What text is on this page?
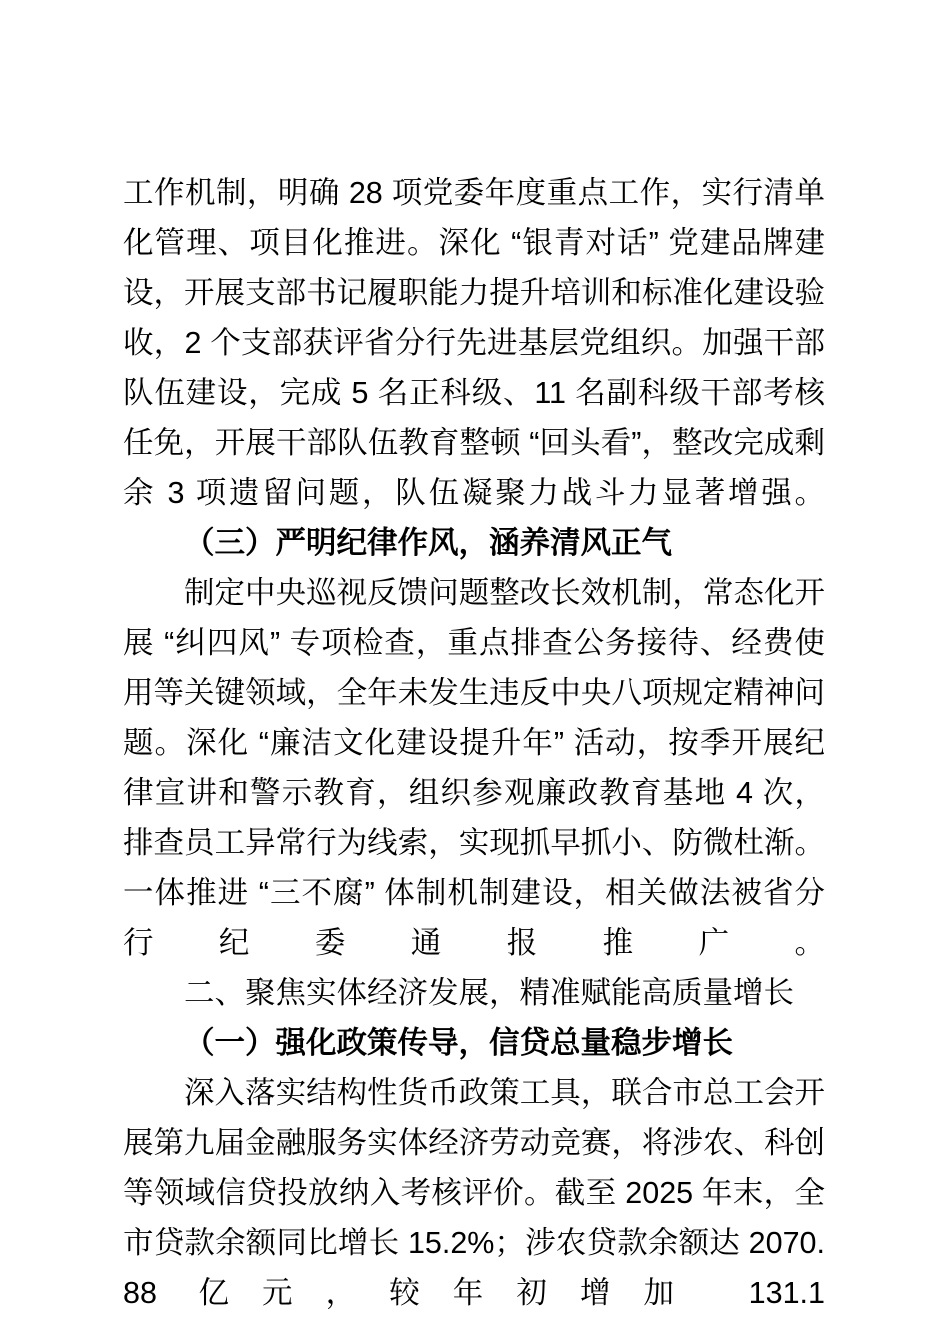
工作机制，明确 28 项党委年度重点工作，实行清单化管理、项目化推进。深化 “银青对话” 党建品牌建设，开展支部书记履职能力提升培训和标准化建设验收，2 个支部获评省分行先进基层党组织。加强干部队伍建设，完成 5 名正科级、11 名副科级干部考核任免，开展干部队伍教育整顿 “回头看”，整改完成剩余 3 项遗留问题，队伍凝聚力战斗力显著增强。

（三）严明纪律作风，涵养清风正气

制定中央巡视反馈问题整改长效机制，常态化开展 “纠四风” 专项检查，重点排查公务接待、经费使用等关键领域，全年未发生违反中央八项规定精神问题。深化 “廉洁文化建设提升年” 活动，按季开展纪律宣讲和警示教育，组织参观廉政教育基地 4 次，排查员工异常行为线索，实现抓早抓小、防微杜渐。一体推进 “三不腐” 体制机制建设，相关做法被省分行纪委通报推广。

二、聚焦实体经济发展，精准赋能高质量增长

（一）强化政策传导，信贷总量稳步增长

深入落实结构性货币政策工具，联合市总工会开展第九届金融服务实体经济劳动竞赛，将涉农、科创等领域信贷投放纳入考核评价。截至 2025 年末，全市贷款余额同比增长 15.2%；涉农贷款余额达 2070.88 亿元，较年初增加 131.1
